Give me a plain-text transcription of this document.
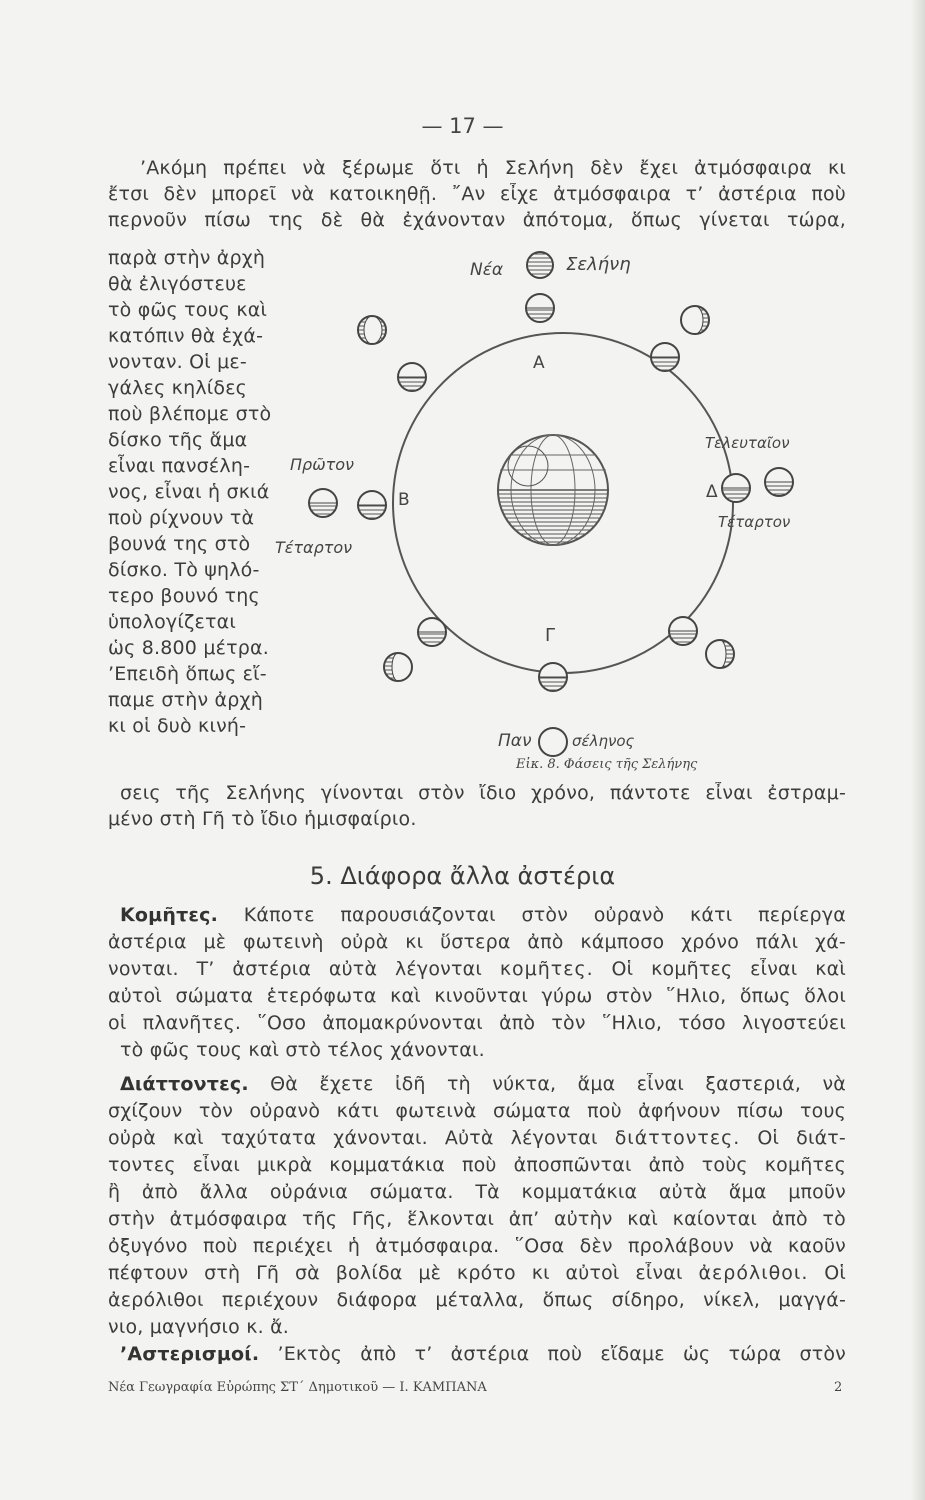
— 17 —
’Ακόμη πρέπει νὰ ξέρωμε ὅτι ἡ Σελήνη δὲν ἔχει ἀτμόσφαιρα κι
ἔτσι δὲν μπορεῖ νὰ κατοικηθῇ. ῎Αν εἶχε ἀτμόσφαιρα τ’ ἀστέρια ποὺ
περνοῦν πίσω της δὲ θὰ ἐχάνονταν ἀπότομα, ὅπως γίνεται τώρα,
παρὰ στὴν ἀρχὴ
θὰ ἐλιγόστευε
τὸ φῶς τους καὶ
κατόπιν θὰ ἐχά-
νονταν. Οἱ με-
γάλες κηλίδες
ποὺ βλέπομε στὸ
δίσκο τῆς ἅμα
εἶναι πανσέλη-
νος, εἶναι ἡ σκιά
ποὺ ρίχνουν τὰ
βουνά της στὸ
δίσκο. Τὸ ψηλό-
τερο βουνό της
ὑπολογίζεται
ὡς 8.800 μέτρα.
’Επειδὴ ὅπως εἴ-
παμε στὴν ἀρχὴ
κι οἱ δυὸ κινή-
Νέα	Σελήνη
Α
Πρῶτον
Τέταρτον
Β
Τελευταῖον
Τέταρτον
Δ
Γ
Παν	σέληνος
Εἰκ. 8. Φάσεις τῆς Σελήνης
σεις τῆς Σελήνης γίνονται στὸν ἴδιο χρόνο, πάντοτε εἶναι ἐστραμ-
μένο στὴ Γῆ τὸ ἴδιο ἡμισφαίριο.
5. Διάφορα ἄλλα ἀστέρια
Κομῆτες. Κάποτε παρουσιάζονται στὸν οὐρανὸ κάτι περίεργα
ἀστέρια μὲ φωτεινὴ οὐρὰ κι ὕστερα ἀπὸ κάμποσο χρόνο πάλι χά-
νονται. Τ’ ἀστέρια αὐτὰ λέγονται κομῆτες. Οἱ κομῆτες εἶναι καὶ
αὐτοὶ σώματα ἑτερόφωτα καὶ κινοῦνται γύρω στὸν ῞Ηλιο, ὅπως ὅλοι
οἱ πλανῆτες. ῞Οσο ἀπομακρύνονται ἀπὸ τὸν ῞Ηλιο, τόσο λιγοστεύει
τὸ φῶς τους καὶ στὸ τέλος χάνονται.
Διάττοντες. Θὰ ἔχετε ἰδῆ τὴ νύκτα, ἅμα εἶναι ξαστεριά, νὰ
σχίζουν τὸν οὐρανὸ κάτι φωτεινὰ σώματα ποὺ ἀφήνουν πίσω τους
οὐρὰ καὶ ταχύτατα χάνονται. Αὐτὰ λέγονται διάττοντες. Οἱ διάτ-
τοντες εἶναι μικρὰ κομματάκια ποὺ ἀποσπῶνται ἀπὸ τοὺς κομῆτες
ἢ ἀπὸ ἄλλα οὐράνια σώματα. Τὰ κομματάκια αὐτὰ ἅμα μποῦν
στὴν ἀτμόσφαιρα τῆς Γῆς, ἕλκονται ἀπ’ αὐτὴν καὶ καίονται ἀπὸ τὸ
ὀξυγόνο ποὺ περιέχει ἡ ἀτμόσφαιρα. ῞Οσα δὲν προλάβουν νὰ καοῦν
πέφτουν στὴ Γῆ σὰ βολίδα μὲ κρότο κι αὐτοὶ εἶναι ἀερόλιθοι. Οἱ
ἀερόλιθοι περιέχουν διάφορα μέταλλα, ὅπως σίδηρο, νίκελ, μαγγά-
νιο, μαγνήσιο κ. ἄ.
’Αστερισμοί. ’Εκτὸς ἀπὸ τ’ ἀστέρια ποὺ εἴδαμε ὡς τώρα στὸν
Νέα Γεωγραφία Εὐρώπης ΣΤ΄ Δημοτικοῦ — Ι. ΚΑΜΠΑΝΑ	2
